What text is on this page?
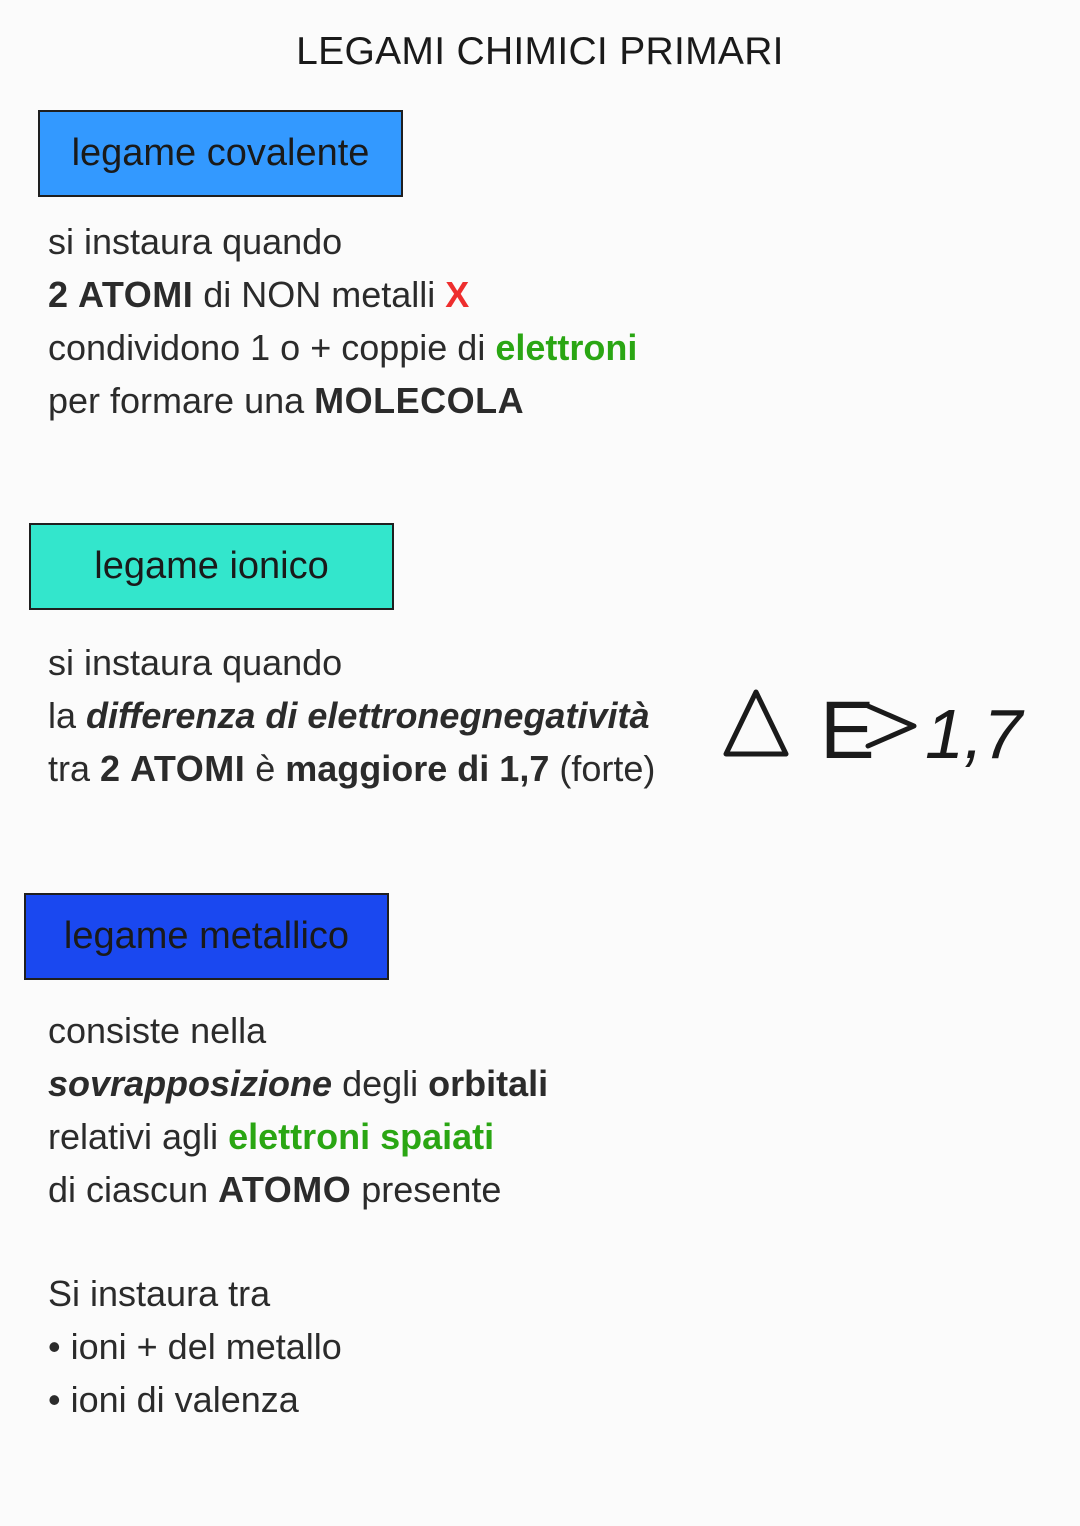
LEGAMI CHIMICI PRIMARI
legame covalente
si instaura quando
2 ATOMI di NON metalli X
condividono 1 o + coppie di elettroni
per formare una MOLECOLA
legame ionico
si instaura quando
la differenza di elettronegnegatività
tra 2 ATOMI è maggiore di 1,7 (forte) E 1,7
legame metallico
consiste nella
sovrapposizione degli orbitali
relativi agli elettroni spaiati
di ciascun ATOMO presente
Si instaura tra
• ioni + del metallo
• ioni di valenza
